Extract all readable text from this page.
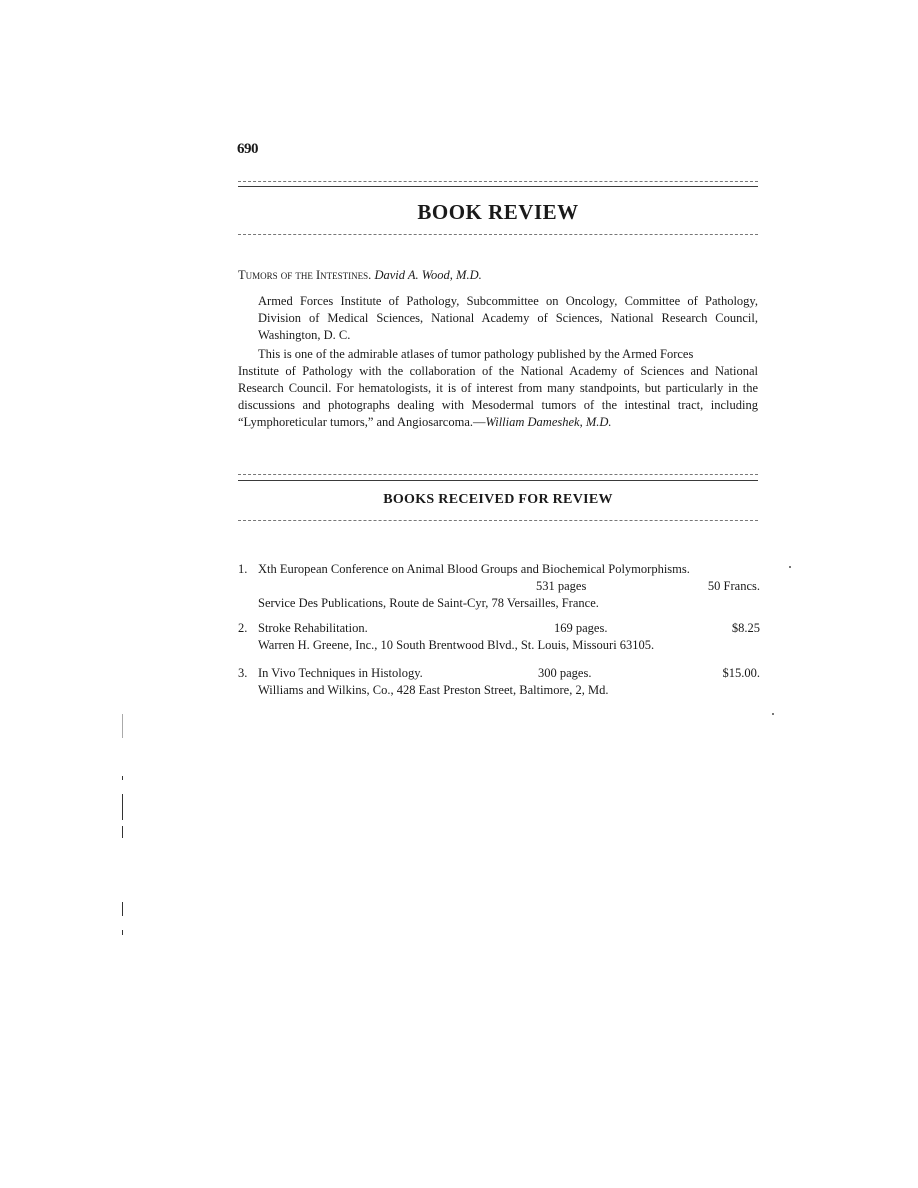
690
BOOK REVIEW
Tumors of the Intestines. David A. Wood, M.D.

Armed Forces Institute of Pathology, Subcommittee on Oncology, Committee of Pathology, Division of Medical Sciences, National Academy of Sciences, National Research Council, Washington, D. C.

This is one of the admirable atlases of tumor pathology published by the Armed Forces

Institute of Pathology with the collaboration of the National Academy of Sciences and National Research Council. For hematologists, it is of interest from many standpoints, but particularly in the discussions and photographs dealing with Mesodermal tumors of the intestinal tract, including “Lymphoreticular tumors,” and Angiosarcoma.—William Dameshek, M.D.

BOOKS RECEIVED FOR REVIEW
1. Xth European Conference on Animal Blood Groups and Biochemical Polymorphisms.
531 pages	50 Francs.
Service Des Publications, Route de Saint-Cyr, 78 Versailles, France.
2. Stroke Rehabilitation.	169 pages.	$8.25
Warren H. Greene, Inc., 10 South Brentwood Blvd., St. Louis, Missouri 63105.
3. In Vivo Techniques in Histology.	300 pages.	$15.00.
Williams and Wilkins, Co., 428 East Preston Street, Baltimore, 2, Md.
